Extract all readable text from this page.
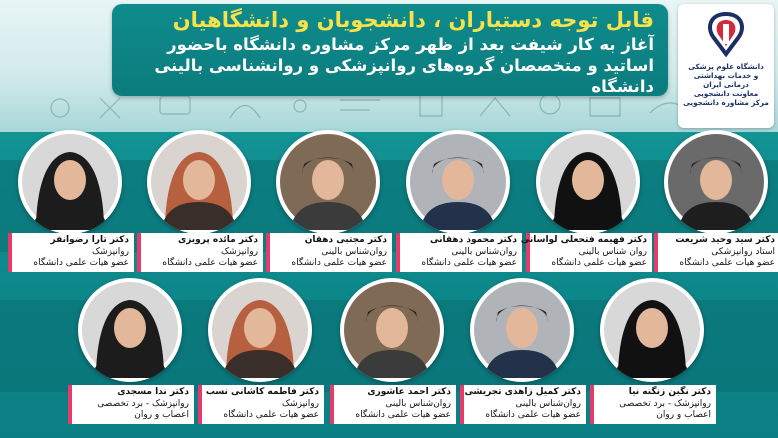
قابل توجه دستیاران ، دانشجویان و دانشگاهیان
آغاز به کار شیفت بعد از ظهر مرکز مشاوره دانشگاه باحضور اساتید و متخصصان گروه‌های روانپزشکی و روانشناسی بالینی دانشگاه
دانشگاه علوم پزشکی
و خدمات بهداشتی
درمانی ایران
معاونت دانشجویی
مرکز مشاوره دانشجویی
دکتر تارا رضوانفر
روانپزشک
عضو هیات علمی دانشگاه
دکتر مائده پرویزی
روانپزشک
عضو هیات علمی دانشگاه
دکتر مجتبی دهقان
روان‌شناس بالینی
عضو هیات علمی دانشگاه
دکتر محمود دهقانی
روان‌شناس بالینی
عضو هیات علمی دانشگاه
دکتر فهیمه فتحعلی لواسانی
روان شناس بالینی
عضو هیات علمی دانشگاه
دکتر سید وحید شریعت
استاد روانپزشکی
عضو هیات علمی دانشگاه
دکتر ندا مسجدی
روانپزشک - برد تخصصی
اعصاب و روان
دکتر فاطمه کاشانی نسب
روانپزشک
عضو هیات علمی دانشگاه
دکتر احمد عاشوری
روان‌شناس بالینی
عضو هیات علمی دانشگاه
دکتر کمیل زاهدی تجریشی
روان‌شناس بالینی
عضو هیات علمی دانشگاه
دکتر نگین زنگنه نیا
روانپزشک - برد تخصصی
اعصاب و روان
